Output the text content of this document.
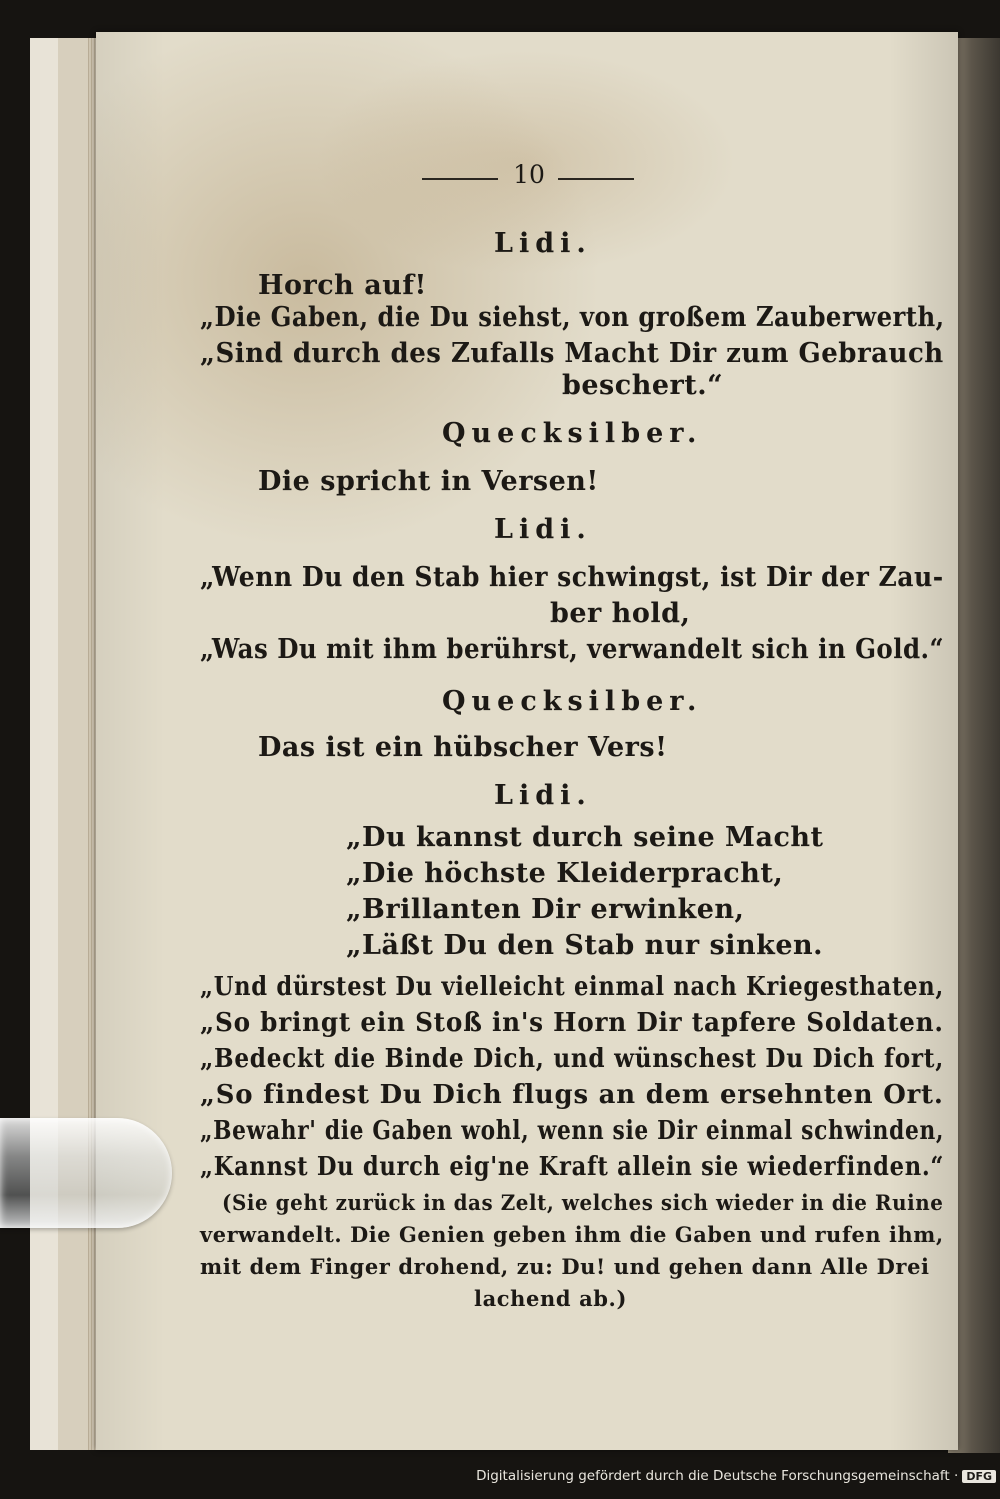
10
Lidi.
Horch auf!
„Die Gaben, die Du siehst, von großem Zauberwerth,
„Sind durch des Zufalls Macht Dir zum Gebrauch
beschert.“
Quecksilber.
Die spricht in Versen!
Lidi.
„Wenn Du den Stab hier schwingst, ist Dir der Zau-
ber hold,
„Was Du mit ihm berührst, verwandelt sich in Gold.“
Quecksilber.
Das ist ein hübscher Vers!
Lidi.
„Du kannst durch seine Macht
„Die höchste Kleiderpracht,
„Brillanten Dir erwinken,
„Läßt Du den Stab nur sinken.
„Und dürstest Du vielleicht einmal nach Kriegesthaten,
„So bringt ein Stoß in's Horn Dir tapfere Soldaten.
„Bedeckt die Binde Dich, und wünschest Du Dich fort,
„So findest Du Dich flugs an dem ersehnten Ort.
„Bewahr' die Gaben wohl, wenn sie Dir einmal schwinden,
„Kannst Du durch eig'ne Kraft allein sie wiederfinden.“
(Sie geht zurück in das Zelt, welches sich wieder in die Ruine
verwandelt. Die Genien geben ihm die Gaben und rufen ihm,
mit dem Finger drohend, zu: Du! und gehen dann Alle Drei
lachend ab.)
Digitalisierung gefördert durch die Deutsche Forschungsgemeinschaft · DFG
